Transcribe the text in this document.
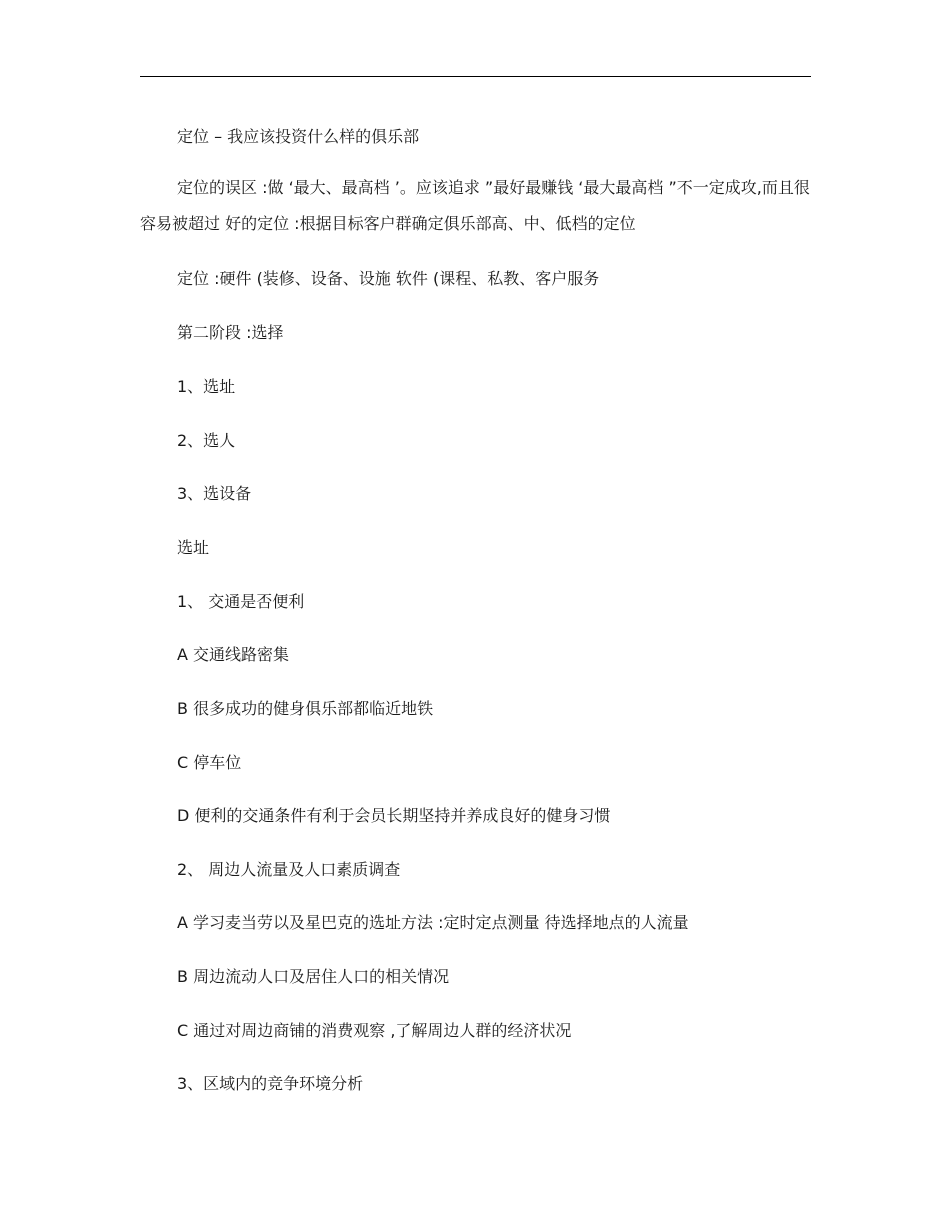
定位 – 我应该投资什么样的俱乐部
定位的误区 :做 ‘最大、最高档 ’。应该追求 ”最好最赚钱 ‘最大最高档 ”不一定成攻,而且很容易被超过 好的定位 :根据目标客户群确定俱乐部高、中、低档的定位
定位 :硬件 (装修、设备、设施 软件 (课程、私教、客户服务
第二阶段 :选择
1、选址
2、选人
3、选设备
选址
1、 交通是否便利
A 交通线路密集
B 很多成功的健身俱乐部都临近地铁
C 停车位
D 便利的交通条件有利于会员长期坚持并养成良好的健身习惯
2、 周边人流量及人口素质调查
A 学习麦当劳以及星巴克的选址方法 :定时定点测量 待选择地点的人流量
B 周边流动人口及居住人口的相关情况
C 通过对周边商铺的消费观察 ,了解周边人群的经济状况
3、区域内的竞争环境分析
